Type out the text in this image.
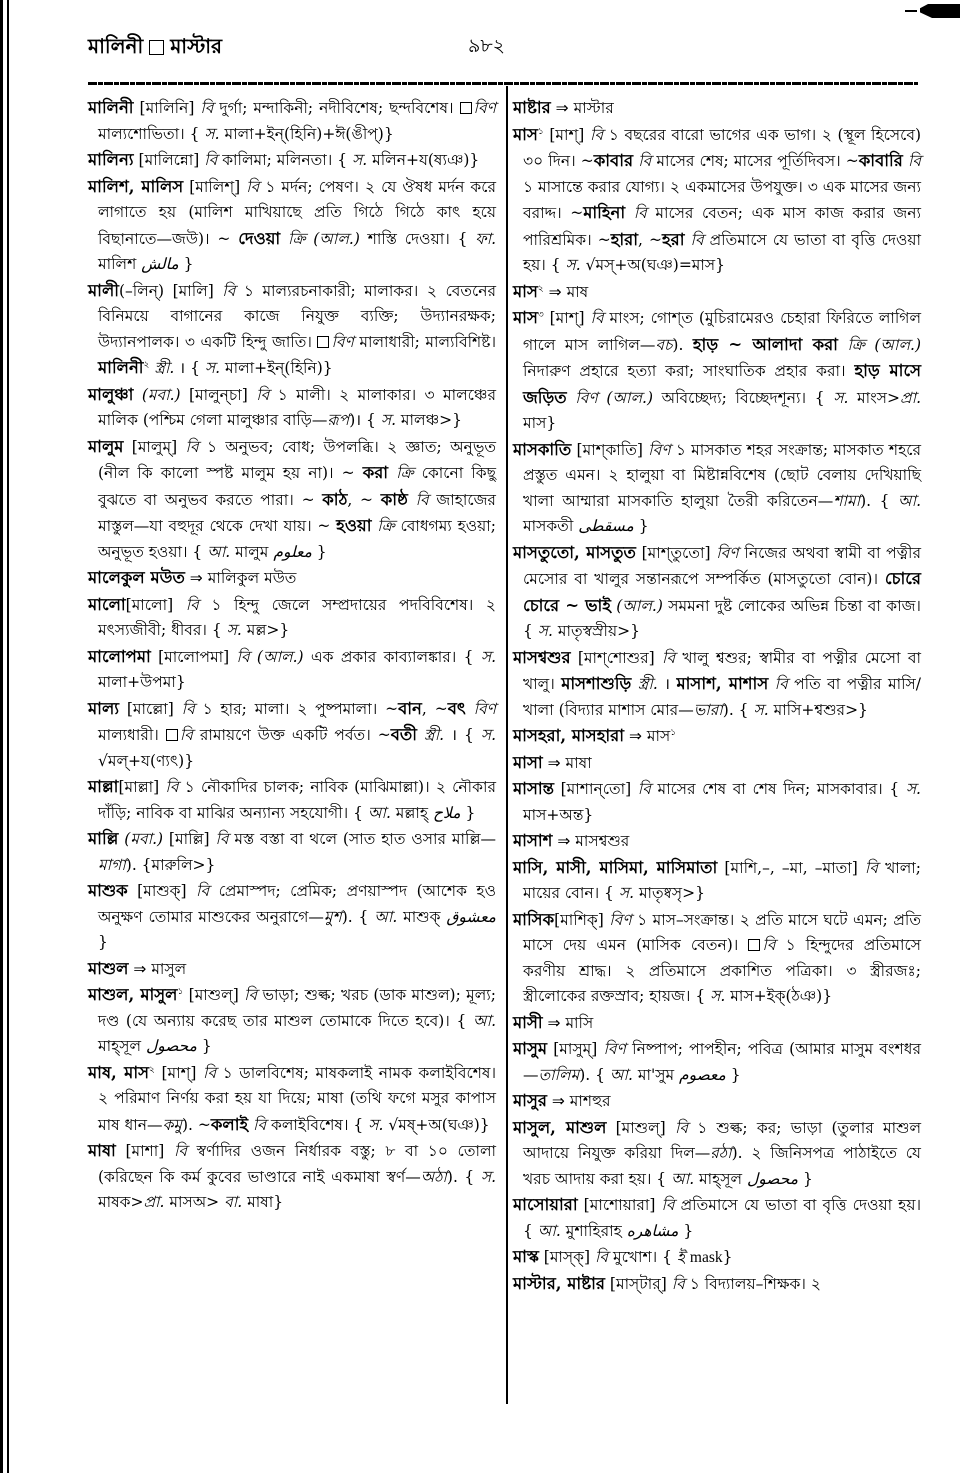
মালিনী মাস্টার	৯৮২

মালিনী [মালিনি] বি দুর্গা; মন্দাকিনী; নদীবিশেষ; ছন্দবিশেষ। বিণ মাল্যশোভিতা। { স. মালা+ইন্(হিনি)+ঈ(ঙীপ্)}

মালিন্য [মালিন্নো] বি কালিমা; মলিনতা। { স. মলিন+য(ষ্যঞ)}

মালিশ, মালিস [মালিশ্] বি ১ মর্দন; পেষণ। ২ যে ঔষধ মর্দন করে লাগাতে হয় (মালিশ মাখিয়াছে প্রতি গিঠে গিঠে কাৎ হয়ে বিছানাতে—জউ)। ~ দেওয়া ক্রি (আল.) শাস্তি দেওয়া। { ফা. মালিশ مالش }

মালী(–লিন্) [মালি] বি ১ মাল্যরচনাকারী; মালাকর। ২ বেতনের বিনিময়ে বাগানের কাজে নিযুক্ত ব্যক্তি; উদ্যানরক্ষক; উদ্যানপালক। ৩ একটি হিন্দু জাতি। বিণ মালাধারী; মাল্যবিশিষ্ট। মালিনী$^২$ স্ত্রী. । { স. মালা+ইন্(হিনি)}

মালুঞ্চা (মবা.) [মালুন্চা] বি ১ মালী। ২ মালাকার। ৩ মালঞ্চের মালিক (পশ্চিম গেলা মালুঞ্চার বাড়ি—রূপ)। { স. মালঞ্চ>}

মালুম [মালুম্] বি ১ অনুভব; বোধ; উপলব্ধি। ২ জ্ঞাত; অনুভূত (নীল কি কালো স্পষ্ট মালুম হয় না)। ~ করা ক্রি কোনো কিছু বুঝতে বা অনুভব করতে পারা। ~ কাঠ, ~ কাষ্ঠ বি জাহাজের মাস্তুল—যা বহুদূর থেকে দেখা যায়। ~ হওয়া ক্রি বোধগম্য হওয়া; অনুভূত হওয়া। { আ. মালুম معلوم }

মালেকুল মউত ⇒ মালিকুল মউত

মালো[মালো] বি ১ হিন্দু জেলে সম্প্রদায়ের পদবিবিশেষ। ২ মৎস্যজীবী; ধীবর। { স. মল্ল>}

মালোপমা [মালোপমা] বি (আল.) এক প্রকার কাব্যালঙ্কার। { স. মালা+উপমা}

মাল্য [মাল্লো] বি ১ হার; মালা। ২ পুষ্পমালা। ~বান, ~বৎ বিণ মাল্যধারী। বি রামায়ণে উক্ত একটি পর্বত। ~বতী স্ত্রী. । { স. √মল্+য(ণ্যৎ)}

মাল্লা[মাল্লা] বি ১ নৌকাদির চালক; নাবিক (মাঝিমাল্লা)। ২ নৌকার দাঁড়ি; নাবিক বা মাঝির অন্যান্য সহযোগী। { আ. মল্লাহ্ ملاح }

মাল্লি (মবা.) [মাল্লি] বি মস্ত বস্তা বা থলে (সাত হাত ওসার মাল্লি—মাগা). {মারুলি>}

মাশুক [মাশুক্] বি প্রেমাস্পদ; প্রেমিক; প্রণয়াস্পদ (আশেক হও অনুক্ষণ তোমার মাশুকের অনুরাগে—মুশ). { আ. মাশুক্ معشوق }

মাশুল ⇒ মাসুল

মাশুল, মাসুল$^১$ [মাশুল্] বি ভাড়া; শুল্ক; খরচ (ডাক মাশুল); মূল্য; দণ্ড (যে অন্যায় করেছ তার মাশুল তোমাকে দিতে হবে)। { আ. মাহ্‌সূল محصول }

মাষ, মাস$^২$ [মাশ্] বি ১ ডালবিশেষ; মাষকলাই নামক কলাইবিশেষ। ২ পরিমাণ নির্ণয় করা হয় যা দিয়ে; মাষা (তথি ফগে মসুর কাপাস মাষ ধান—কমু). ~কলাই বি কলাইবিশেষ। { স. √মষ্+অ(ঘঞ)}

মাষা [মাশা] বি স্বর্ণাদির ওজন নির্ধারক বস্তু; ৮ বা ১০ তোলা (করিছেন কি কর্ম কুবের ভাণ্ডারে নাই একমাষা স্বর্ণ—অঠা). { স. মাষক>প্রা. মাসঅ> বা. মাষা}

মাষ্টার ⇒ মাস্টার

মাস$^১$ [মাশ্] বি ১ বছরের বারো ভাগের এক ভাগ। ২ (স্থূল হিসেবে) ৩০ দিন। ~কাবার বি মাসের শেষ; মাসের পূর্তিদিবস। ~কাবারি বি ১ মাসান্তে করার যোগ্য। ২ একমাসের উপযুক্ত। ৩ এক মাসের জন্য বরাদ্দ। ~মাহিনা বি মাসের বেতন; এক মাস কাজ করার জন্য পারিশ্রমিক। ~হারা, ~হরা বি প্রতিমাসে যে ভাতা বা বৃত্তি দেওয়া হয়। { স. √মস্+অ(ঘঞ)=মাস}

মাস$^২$ ⇒ মাষ

মাস$^৩$ [মাশ্] বি মাংস; গোশ্‌ত (মুচিরামেরও চেহারা ফিরিতে লাগিল গালে মাস লাগিল—বচ). হাড় ~ আলাদা করা ক্রি (আল.) নিদারুণ প্রহারে হত্যা করা; সাংঘাতিক প্রহার করা। হাড় মাসে জড়িত বিণ (আল.) অবিচ্ছেদ্য; বিচ্ছেদশূন্য। { স. মাংস>প্রা. মাস}

মাসকাতি [মাশ্‌কাতি] বিণ ১ মাসকাত শহর সংক্রান্ত; মাসকাত শহরে প্রস্তুত এমন। ২ হালুয়া বা মিষ্টান্নবিশেষ (ছোট বেলায় দেখিয়াছি খালা আম্মারা মাসকাতি হালুয়া তৈরী করিতেন—শামা). { আ. মাসকতী مسقطى }

মাসতুতো, মাসতুত [মাশ্‌তুতো] বিণ নিজের অথবা স্বামী বা পত্নীর মেসোর বা খালুর সন্তানরূপে সম্পর্কিত (মাসতুতো বোন)। চোরে চোরে ~ ভাই (আল.) সমমনা দুষ্ট লোকের অভিন্ন চিন্তা বা কাজ। { স. মাতৃস্বস্রীয়>}

মাসশ্বশুর [মাশ্‌শোশুর] বি খালু শ্বশুর; স্বামীর বা পত্নীর মেসো বা খালু। মাসশাশুড়ি স্ত্রী. । মাসাশ, মাশাস বি পতি বা পত্নীর মাসি/খালা (বিদ্যার মাশাস মোর—ভারা). { স. মাসি+শ্বশুর>}

মাসহরা, মাসহারা ⇒ মাস$^১$

মাসা ⇒ মাষা

মাসান্ত [মাশান্‌তো] বি মাসের শেষ বা শেষ দিন; মাসকাবার। { স. মাস+অন্ত}

মাসাশ ⇒ মাসশ্বশুর

মাসি, মাসী, মাসিমা, মাসিমাতা [মাশি,–, –মা, –মাতা] বি খালা; মায়ের বোন। { স. মাতৃষ্বসৃ>}

মাসিক[মাশিক্] বিণ ১ মাস–সংক্রান্ত। ২ প্রতি মাসে ঘটে এমন; প্রতি মাসে দেয় এমন (মাসিক বেতন)। বি ১ হিন্দুদের প্রতিমাসে করণীয় শ্রাদ্ধ। ২ প্রতিমাসে প্রকাশিত পত্রিকা। ৩ স্ত্রীরজঃ; স্ত্রীলোকের রক্তস্রাব; হায়জ। { স. মাস+ইক্(ঠঞ)}

মাসী ⇒ মাসি

মাসুম [মাসুম্] বিণ নিষ্পাপ; পাপহীন; পবিত্র (আমার মাসুম বংশধর—তালিম). { আ. মা'সুম معصوم }

মাসুর ⇒ মাশহুর

মাসুল, মাশুল [মাশুল্] বি ১ শুল্ক; কর; ভাড়া (তুলার মাশুল আদায়ে নিযুক্ত করিয়া দিল—রঠা). ২ জিনিসপত্র পাঠাইতে যে খরচ আদায় করা হয়। { আ. মাহ্‌সূল محصول }

মাসোয়ারা [মাশোয়ারা] বি প্রতিমাসে যে ভাতা বা বৃত্তি দেওয়া হয়। { আ. মুশাহিরাহ مشاهره }

মাস্ক [মাস্‌ক্] বি মুখোশ। { ই mask}

মাস্টার, মাষ্টার [মাস্‌টার্] বি ১ বিদ্যালয়–শিক্ষক। ২
